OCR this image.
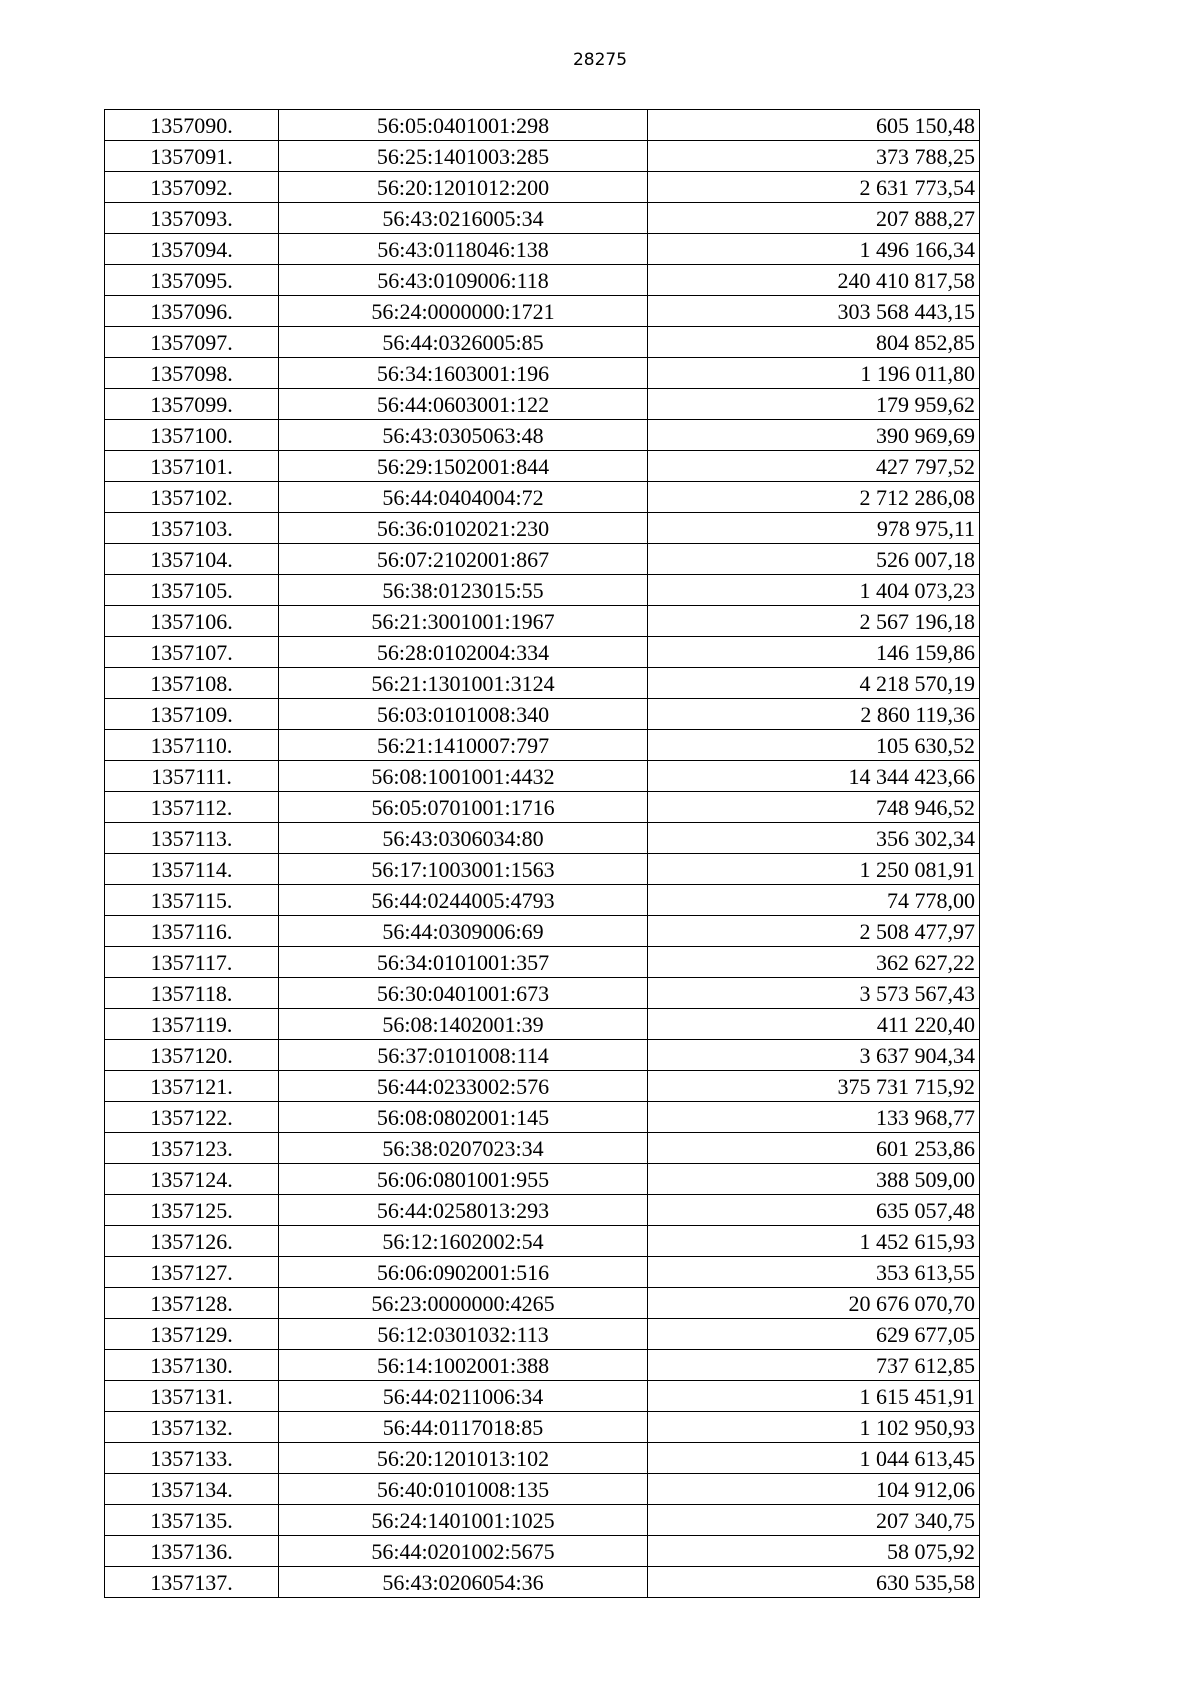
28275
1357090.	56:05:0401001:298	605 150,48
1357091.	56:25:1401003:285	373 788,25
1357092.	56:20:1201012:200	2 631 773,54
1357093.	56:43:0216005:34	207 888,27
1357094.	56:43:0118046:138	1 496 166,34
1357095.	56:43:0109006:118	240 410 817,58
1357096.	56:24:0000000:1721	303 568 443,15
1357097.	56:44:0326005:85	804 852,85
1357098.	56:34:1603001:196	1 196 011,80
1357099.	56:44:0603001:122	179 959,62
1357100.	56:43:0305063:48	390 969,69
1357101.	56:29:1502001:844	427 797,52
1357102.	56:44:0404004:72	2 712 286,08
1357103.	56:36:0102021:230	978 975,11
1357104.	56:07:2102001:867	526 007,18
1357105.	56:38:0123015:55	1 404 073,23
1357106.	56:21:3001001:1967	2 567 196,18
1357107.	56:28:0102004:334	146 159,86
1357108.	56:21:1301001:3124	4 218 570,19
1357109.	56:03:0101008:340	2 860 119,36
1357110.	56:21:1410007:797	105 630,52
1357111.	56:08:1001001:4432	14 344 423,66
1357112.	56:05:0701001:1716	748 946,52
1357113.	56:43:0306034:80	356 302,34
1357114.	56:17:1003001:1563	1 250 081,91
1357115.	56:44:0244005:4793	74 778,00
1357116.	56:44:0309006:69	2 508 477,97
1357117.	56:34:0101001:357	362 627,22
1357118.	56:30:0401001:673	3 573 567,43
1357119.	56:08:1402001:39	411 220,40
1357120.	56:37:0101008:114	3 637 904,34
1357121.	56:44:0233002:576	375 731 715,92
1357122.	56:08:0802001:145	133 968,77
1357123.	56:38:0207023:34	601 253,86
1357124.	56:06:0801001:955	388 509,00
1357125.	56:44:0258013:293	635 057,48
1357126.	56:12:1602002:54	1 452 615,93
1357127.	56:06:0902001:516	353 613,55
1357128.	56:23:0000000:4265	20 676 070,70
1357129.	56:12:0301032:113	629 677,05
1357130.	56:14:1002001:388	737 612,85
1357131.	56:44:0211006:34	1 615 451,91
1357132.	56:44:0117018:85	1 102 950,93
1357133.	56:20:1201013:102	1 044 613,45
1357134.	56:40:0101008:135	104 912,06
1357135.	56:24:1401001:1025	207 340,75
1357136.	56:44:0201002:5675	58 075,92
1357137.	56:43:0206054:36	630 535,58
